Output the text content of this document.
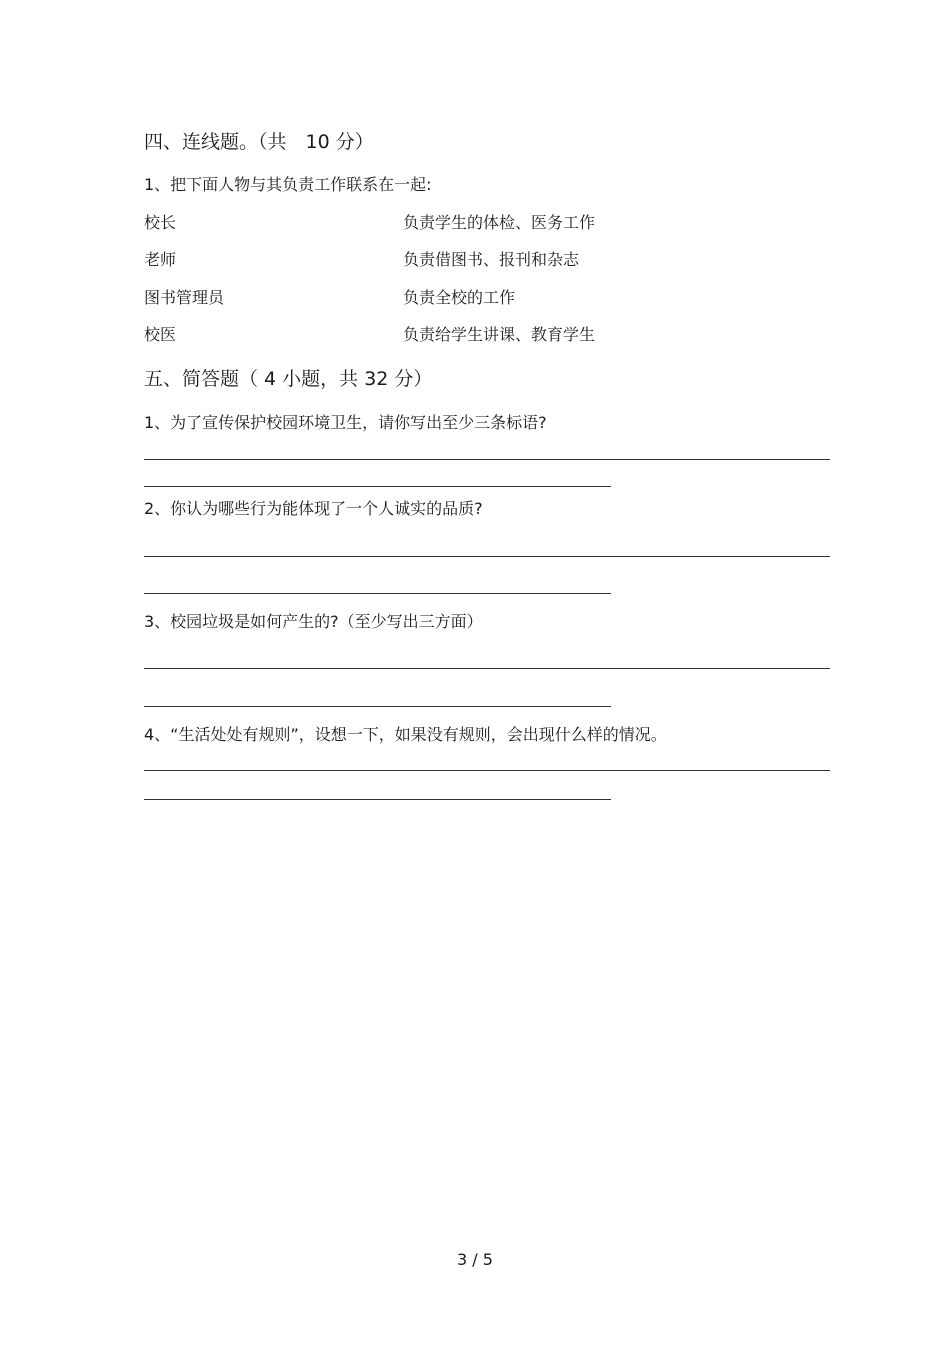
四、连线题。（共　10 分）
1、把下面人物与其负责工作联系在一起:
校长	负责学生的体检、医务工作
老师	负责借图书、报刊和杂志
图书管理员	负责全校的工作
校医	负责给学生讲课、教育学生
五、简答题（ 4 小题，共 32 分）
1、为了宣传保护校园环境卫生，请你写出至少三条标语?
2、你认为哪些行为能体现了一个人诚实的品质?
3、校园垃圾是如何产生的?（至少写出三方面）
4、“生活处处有规则”，设想一下，如果没有规则，会出现什么样的情况。
3 / 5
